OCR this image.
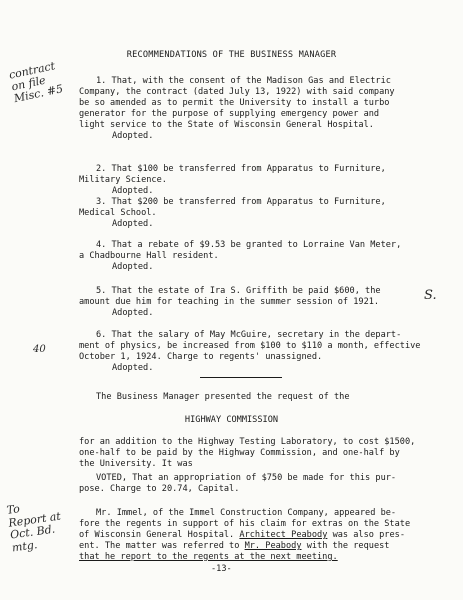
RECOMMENDATIONS OF THE BUSINESS MANAGER
1. That, with the consent of the Madison Gas and Electric
Company, the contract (dated July 13, 1922) with said company
be so amended as to permit the University to install a turbo
generator for the purpose of supplying emergency power and
light service to the State of Wisconsin General Hospital.
Adopted.
2. That $100 be transferred from Apparatus to Furniture,
Military Science.
Adopted.
3. That $200 be transferred from Apparatus to Furniture,
Medical School.
Adopted.
4. That a rebate of $9.53 be granted to Lorraine Van Meter,
a Chadbourne Hall resident.
Adopted.
5. That the estate of Ira S. Griffith be paid $600, the
amount due him for teaching in the summer session of 1921.
Adopted.
6. That the salary of May McGuire, secretary in the depart-
ment of physics, be increased from $100 to $110 a month, effective
October 1, 1924. Charge to regents' unassigned.
Adopted.
The Business Manager presented the request of the
HIGHWAY COMMISSION
for an addition to the Highway Testing Laboratory, to cost $1500,
one-half to be paid by the Highway Commission, and one-half by
the University. It was
VOTED, That an appropriation of $750 be made for this pur-
pose. Charge to 20.74, Capital.
Mr. Immel, of the Immel Construction Company, appeared be-
fore the regents in support of his claim for extras on the State
of Wisconsin General Hospital. Architect Peabody was also pres-
ent. The matter was referred to Mr. Peabody with the request
that he report to the regents at the next meeting.
-13-
contract
on file
Misc. #5
S.
40
To
Report at
Oct. Bd.
mtg.
